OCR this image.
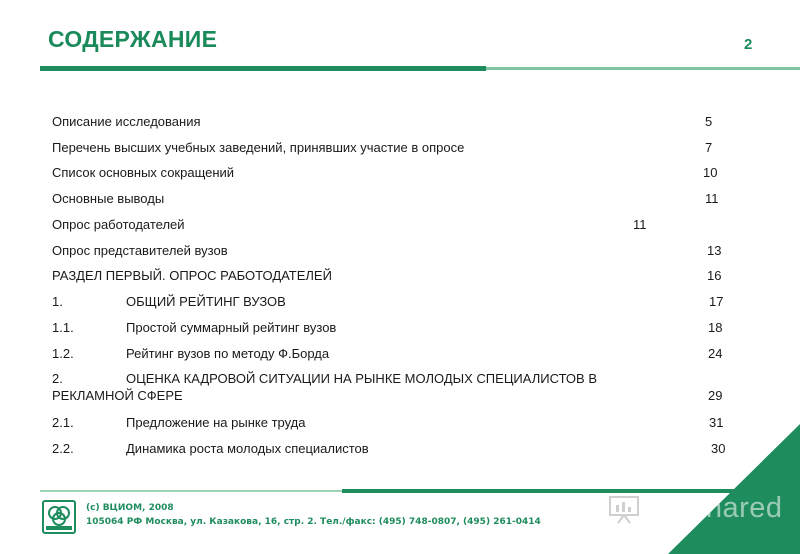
СОДЕРЖАНИЕ	2
Описание исследования	5
Перечень высших учебных заведений, принявших участие в опросе	7
Список основных сокращений	10
Основные выводы	11
Опрос работодателей	11
Опрос представителей вузов	13
РАЗДЕЛ ПЕРВЫЙ. ОПРОС РАБОТОДАТЕЛЕЙ	16
1.	ОБЩИЙ РЕЙТИНГ ВУЗОВ	17
1.1.	Простой суммарный рейтинг вузов	18
1.2.	Рейтинг вузов по методу Ф.Борда	24
2.	ОЦЕНКА КАДРОВОЙ СИТУАЦИИ НА РЫНКЕ МОЛОДЫХ СПЕЦИАЛИСТОВ В
РЕКЛАМНОЙ СФЕРЕ	29
2.1.	Предложение на рынке труда	31
2.2.	Динамика роста молодых специалистов	30
(с) ВЦИОМ, 2008
105064 РФ Москва, ул. Казакова, 16, стр. 2. Тел./факс: (495) 748-0807, (495) 261-0414	Shared
